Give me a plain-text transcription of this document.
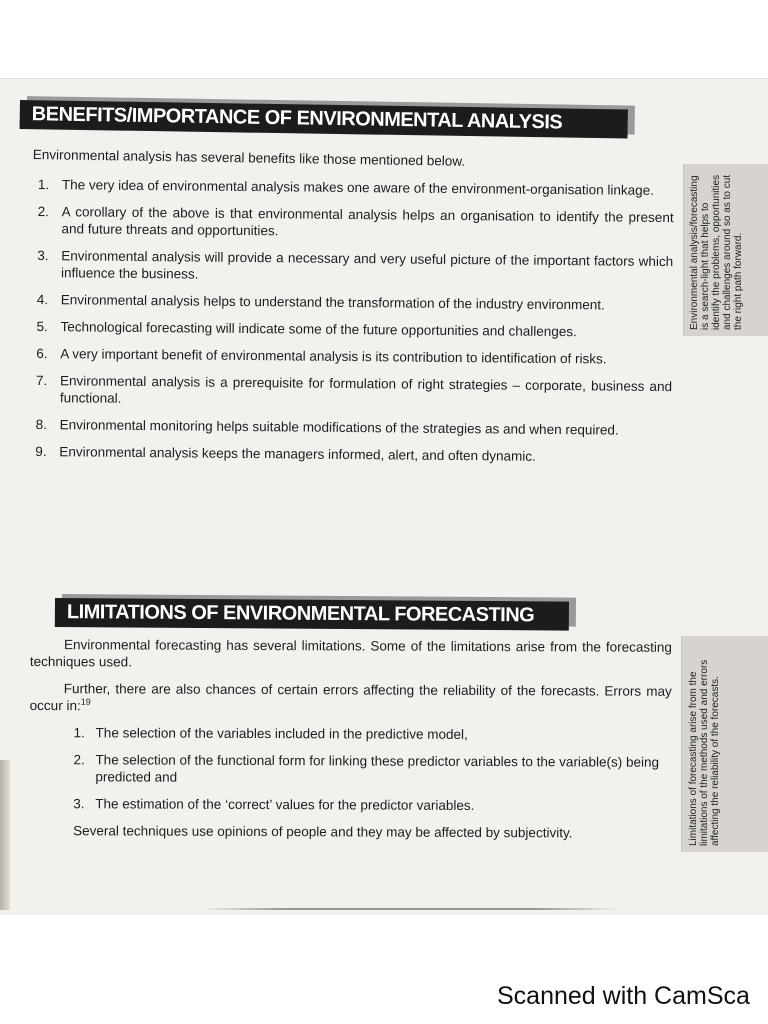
BENEFITS/IMPORTANCE OF ENVIRONMENTAL ANALYSIS
Environmental analysis has several benefits like those mentioned below.
1. The very idea of environmental analysis makes one aware of the environment-organisation linkage.
2. A corollary of the above is that environmental analysis helps an organisation to identify the present and future threats and opportunities.
3. Environmental analysis will provide a necessary and very useful picture of the important factors which influence the business.
4. Environmental analysis helps to understand the transformation of the industry environment.
5. Technological forecasting will indicate some of the future opportunities and challenges.
6. A very important benefit of environmental analysis is its contribution to identification of risks.
7. Environmental analysis is a prerequisite for formulation of right strategies – corporate, business and functional.
8. Environmental monitoring helps suitable modifications of the strategies as and when required.
9. Environmental analysis keeps the managers informed, alert, and often dynamic.
Environmental analysis/forecasting is a search-light that helps to identify the problems, opportunities and challenges around so as to cut the right path forward.
LIMITATIONS OF ENVIRONMENTAL FORECASTING

Environmental forecasting has several limitations. Some of the limitations arise from the forecasting techniques used.

Further, there are also chances of certain errors affecting the reliability of the forecasts. Errors may occur in:$^{19}$

1. The selection of the variables included in the predictive model,
2. The selection of the functional form for linking these predictor variables to the variable(s) being predicted and
3. The estimation of the ‘correct’ values for the predictor variables.

Several techniques use opinions of people and they may be affected by subjectivity.	Limitations of forecasting arise from the limitations of the methods used and errors affecting the reliability of the forecasts.
Scanned with CamSca
